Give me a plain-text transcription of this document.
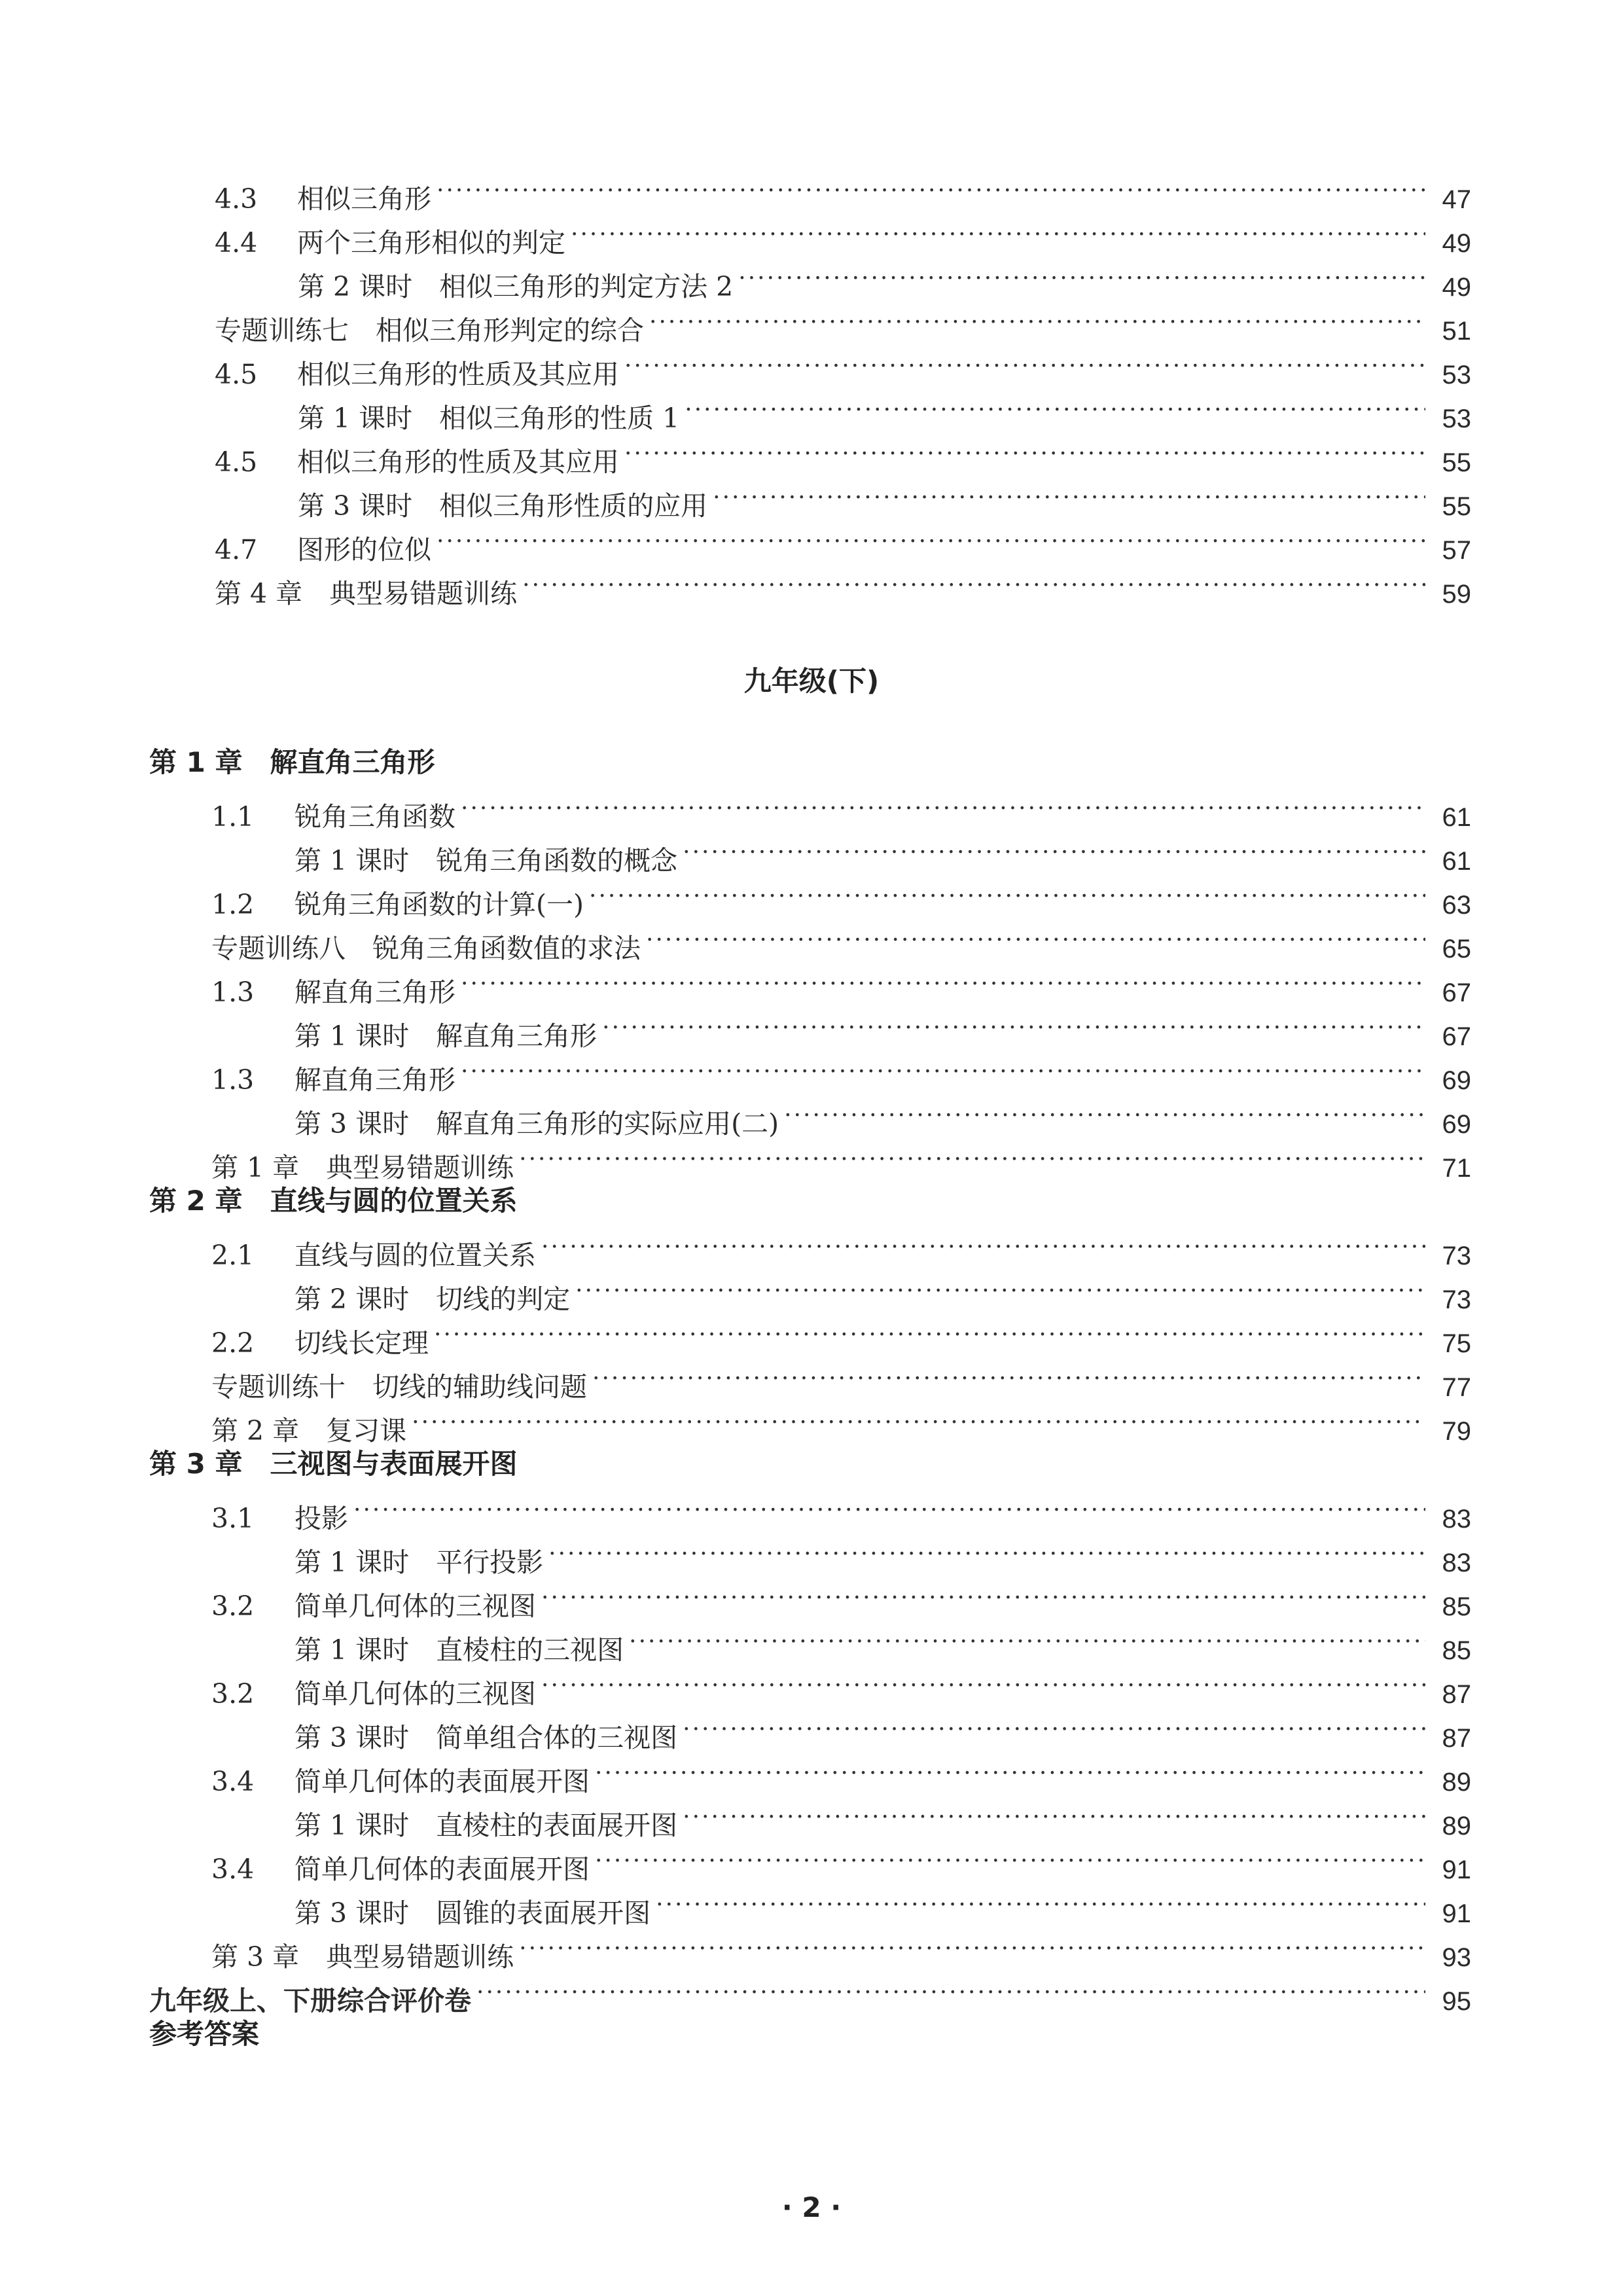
4.3	相似三角形 ·····	47
4.4	两个三角形相似的判定 ·····	49
第 2 课时　相似三角形的判定方法 2 ·····	49
专题训练七　相似三角形判定的综合 ·····	51
4.5	相似三角形的性质及其应用 ·····	53
第 1 课时　相似三角形的性质 1 ·····	53
4.5	相似三角形的性质及其应用 ·····	55
第 3 课时　相似三角形性质的应用 ·····	55
4.7	图形的位似 ·····	57
第 4 章　典型易错题训练 ·····	59
九年级(下)
第 1 章　解直角三角形
1.1	锐角三角函数 ·····	61
第 1 课时　锐角三角函数的概念 ·····	61
1.2	锐角三角函数的计算(一) ·····	63
专题训练八　锐角三角函数值的求法 ·····	65
1.3	解直角三角形 ·····	67
第 1 课时　解直角三角形 ·····	67
1.3	解直角三角形 ·····	69
第 3 课时　解直角三角形的实际应用(二) ·····	69
第 1 章　典型易错题训练 ·····	71
第 2 章　直线与圆的位置关系
2.1	直线与圆的位置关系 ·····	73
第 2 课时　切线的判定 ·····	73
2.2	切线长定理 ·····	75
专题训练十　切线的辅助线问题 ·····	77
第 2 章　复习课 ·····	79
第 3 章　三视图与表面展开图
3.1	投影 ·····	83
第 1 课时　平行投影 ·····	83
3.2	简单几何体的三视图 ·····	85
第 1 课时　直棱柱的三视图 ·····	85
3.2	简单几何体的三视图 ·····	87
第 3 课时　简单组合体的三视图 ·····	87
3.4	简单几何体的表面展开图 ·····	89
第 1 课时　直棱柱的表面展开图 ·····	89
3.4	简单几何体的表面展开图 ·····	91
第 3 课时　圆锥的表面展开图 ·····	91
第 3 章　典型易错题训练 ·····	93
九年级上、下册综合评价卷 ·····	95
参考答案
· 2 ·
